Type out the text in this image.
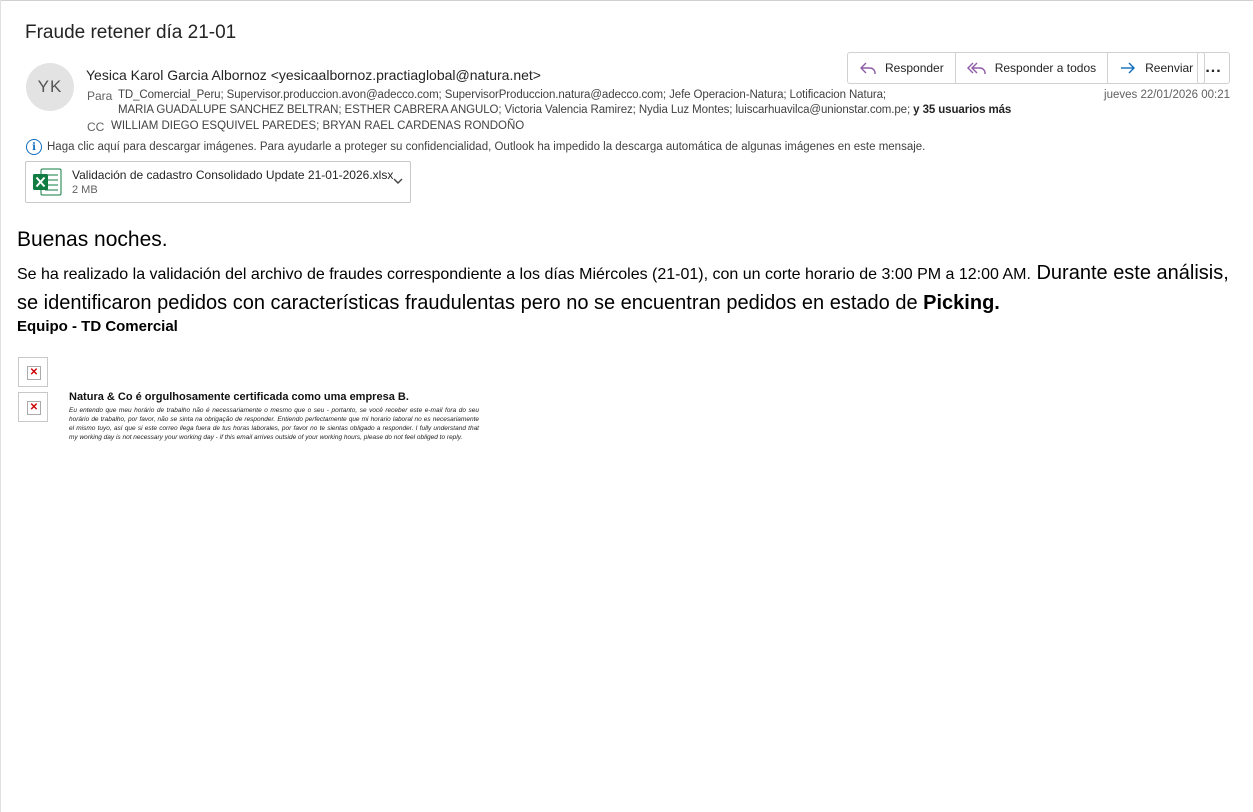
Fraude retener día 21-01
YK
Yesica Karol Garcia Albornoz <yesicaalbornoz.practiaglobal@natura.net>
Para TD_Comercial_Peru; Supervisor.produccion.avon@adecco.com; SupervisorProduccion.natura@adecco.com; Jefe Operacion-Natura; Lotificacion Natura;
MARIA GUADALUPE SANCHEZ BELTRAN; ESTHER CABRERA ANGULO; Victoria Valencia Ramirez; Nydia Luz Montes; luiscarhuavilca@unionstar.com.pe; y 35 usuarios más
CC WILLIAM DIEGO ESQUIVEL PAREDES; BRYAN RAEL CARDENAS RONDOÑO
jueves 22/01/2026 00:21
Responder	Responder a todos	Reenviar ...
i Haga clic aquí para descargar imágenes. Para ayudarle a proteger su confidencialidad, Outlook ha impedido la descarga automática de algunas imágenes en este mensaje.
Validación de cadastro Consolidado Update 21-01-2026.xlsx
2 MB
Buenas noches.
Se ha realizado la validación del archivo de fraudes correspondiente a los días Miércoles (21-01), con un corte horario de 3:00 PM a 12:00 AM. Durante este análisis, se identificaron pedidos con características fraudulentas pero no se encuentran pedidos en estado de Picking.
Equipo - TD Comercial
✕
✕
Natura & Co é orgulhosamente certificada como uma empresa B.
Eu entendo que meu horário de trabalho não é necessariamente o mesmo que o seu - portanto, se você receber este e-mail fora do seu horário de trabalho, por favor, não se sinta na obrigação de responder. Entiendo perfectamente que mi horario laboral no es necesariamente el mismo tuyo, así que si este correo llega fuera de tus horas laborales, por favor no te sientas obligado a responder. I fully understand that my working day is not necessary your working day - if this email arrives outside of your working hours, please do not feel obliged to reply.
